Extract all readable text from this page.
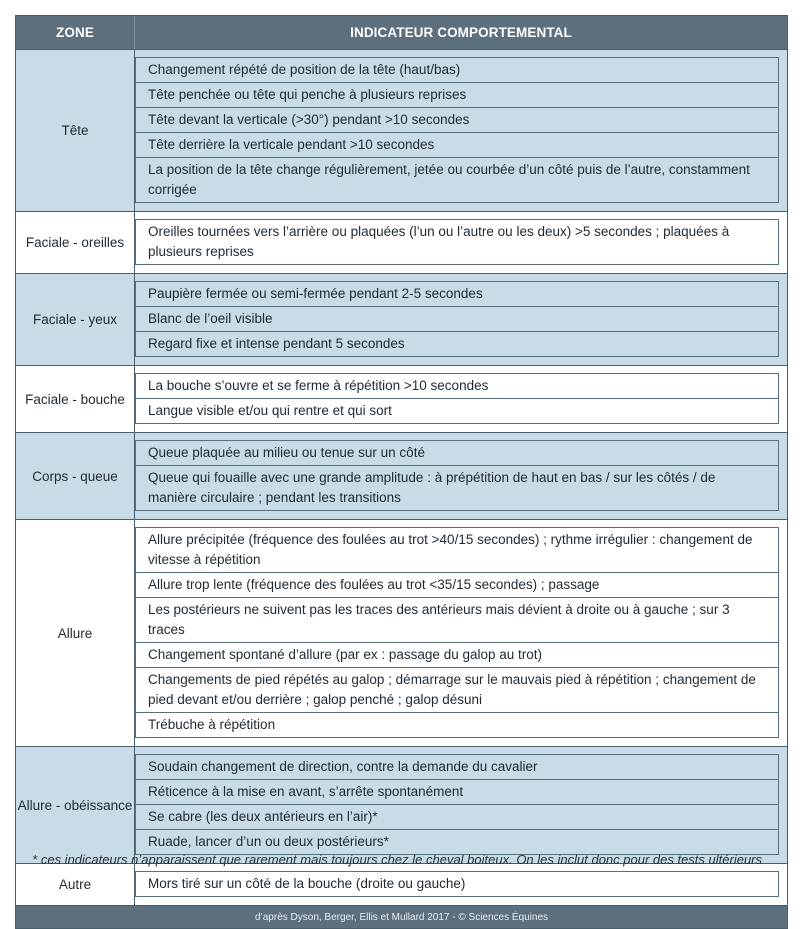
ZONE	INDICATEUR COMPORTEMENTAL
Tête
Changement répété de position de la tête (haut/bas)
Tête penchée ou tête qui penche à plusieurs reprises
Tête devant la verticale (>30°) pendant >10 secondes
Tête derrière la verticale pendant >10 secondes
La position de la tête change régulièrement, jetée ou courbée d’un côté puis de l’autre, constamment corrigée
Faciale - oreilles
Oreilles tournées vers l’arrière ou plaquées (l’un ou l’autre ou les deux) >5 secondes ; plaquées à plusieurs reprises
Faciale - yeux
Paupière fermée ou semi-fermée pendant 2-5 secondes
Blanc de l’oeil visible
Regard fixe et intense pendant 5 secondes
Faciale - bouche
La bouche s’ouvre et se ferme à répétition >10 secondes
Langue visible et/ou qui rentre et qui sort
Corps - queue
Queue plaquée au milieu ou tenue sur un côté
Queue qui fouaille avec une grande amplitude : à prépétition de haut en bas / sur les côtés / de manière circulaire ; pendant les transitions
Allure
Allure précipitée (fréquence des foulées au trot >40/15 secondes) ; rythme irrégulier : changement de vitesse à répétition
Allure trop lente (fréquence des foulées au trot <35/15 secondes) ; passage
Les postérieurs ne suivent pas les traces des antérieurs mais dévient à droite ou à gauche ; sur 3 traces
Changement spontané d’allure (par ex : passage du galop au trot)
Changements de pied répétés au galop ; démarrage sur le mauvais pied à répétition ; changement de pied devant et/ou derrière ; galop penché ; galop désuni
Trébuche à répétition
Allure - obéissance
Soudain changement de direction, contre la demande du cavalier
Réticence à la mise en avant, s’arrête spontanément
Se cabre (les deux antérieurs en l’air)*
Ruade, lancer d’un ou deux postérieurs*
Autre	Mors tiré sur un côté de la bouche (droite ou gauche)
d’après Dyson, Berger, Ellis et Mullard 2017 - © Sciences Équines
* ces indicateurs n’apparaissent que rarement mais toujours chez le cheval boiteux. On les inclut donc pour des tests ultérieurs
